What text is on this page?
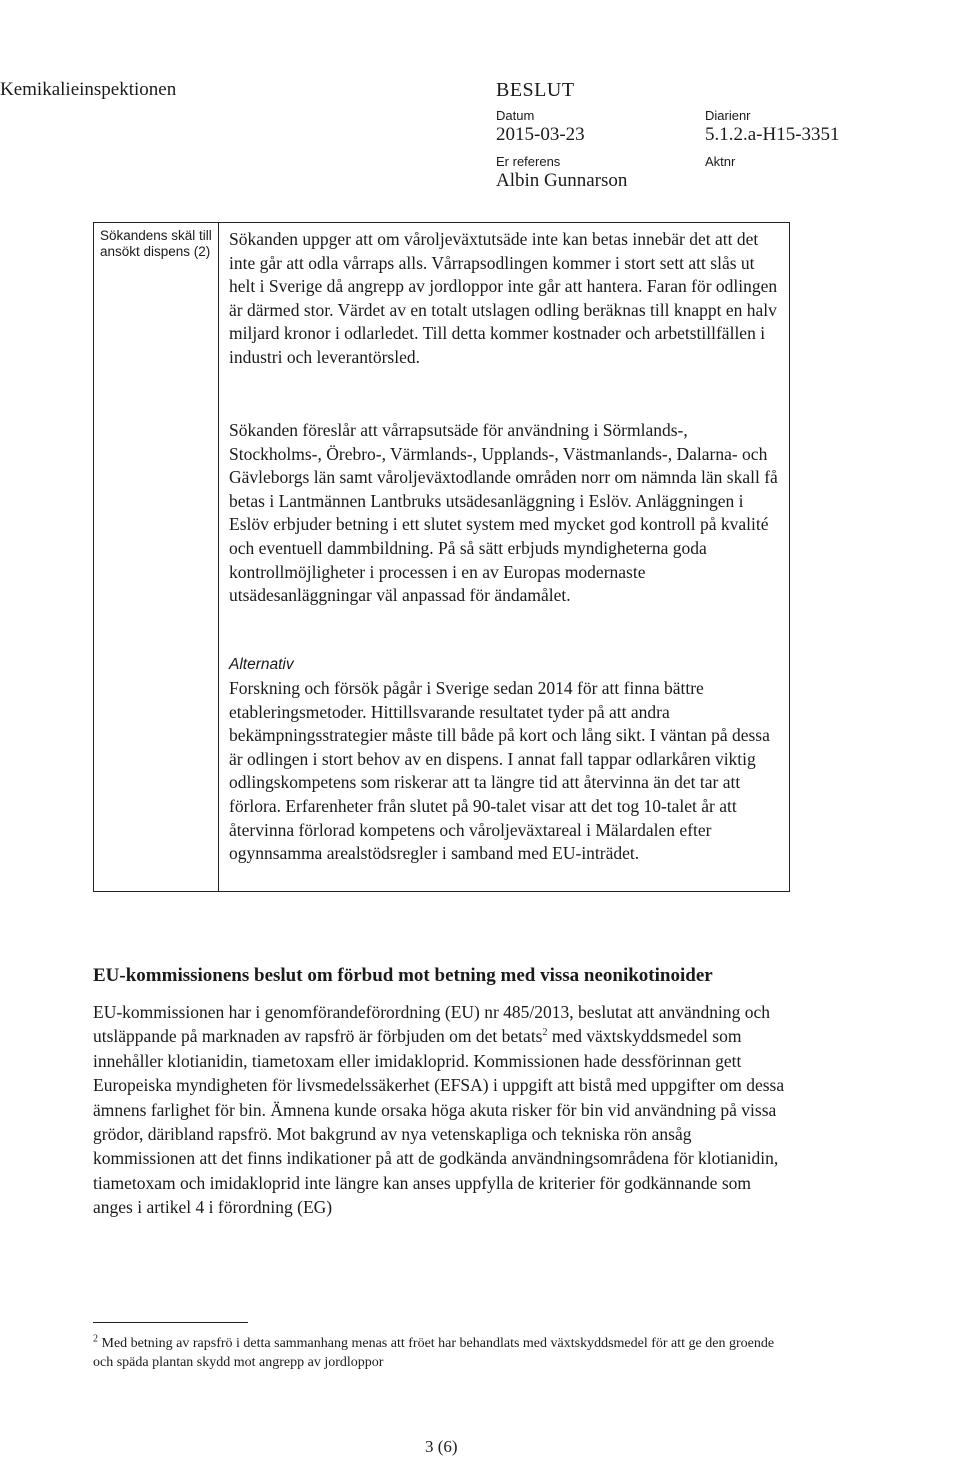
Kemikalieinspektionen	BESLUT
Datum
2015-03-23
Er referens
Albin Gunnarson
Diarienr
5.1.2.a-H15-3351
Aktnr
Sökandens skäl till ansökt dispens (2)
Sökanden uppger att om våroljeväxtutsäde inte kan betas innebär det att det inte går att odla vårraps alls. Vårrapsodlingen kommer i stort sett att slås ut helt i Sverige då angrepp av jordloppor inte går att hantera. Faran för odlingen är därmed stor. Värdet av en totalt utslagen odling beräknas till knappt en halv miljard kronor i odlarledet. Till detta kommer kostnader och arbetstillfällen i industri och leverantörsled.
Sökanden föreslår att vårrapsutsäde för användning i Sörmlands-, Stockholms-, Örebro-, Värmlands-, Upplands-, Västmanlands-, Dalarna- och Gävleborgs län samt våroljeväxtodlande områden norr om nämnda län skall få betas i Lantmännen Lantbruks utsädesanläggning i Eslöv. Anläggningen i Eslöv erbjuder betning i ett slutet system med mycket god kontroll på kvalité och eventuell dammbildning. På så sätt erbjuds myndigheterna goda kontrollmöjligheter i processen i en av Europas modernaste utsädesanläggningar väl anpassad för ändamålet.
Alternativ
Forskning och försök pågår i Sverige sedan 2014 för att finna bättre etableringsmetoder. Hittillsvarande resultatet tyder på att andra bekämpningsstrategier måste till både på kort och lång sikt. I väntan på dessa är odlingen i stort behov av en dispens. I annat fall tappar odlarkåren viktig odlingskompetens som riskerar att ta längre tid att återvinna än det tar att förlora. Erfarenheter från slutet på 90-talet visar att det tog 10-talet år att återvinna förlorad kompetens och våroljeväxtareal i Mälardalen efter ogynnsamma arealstödsregler i samband med EU-inträdet.
EU-kommissionens beslut om förbud mot betning med vissa neonikotinoider
EU-kommissionen har i genomförandeförordning (EU) nr 485/2013, beslutat att användning och utsläppande på marknaden av rapsfrö är förbjuden om det betats$^2$ med växtskyddsmedel som innehåller klotianidin, tiametoxam eller imidakloprid. Kommissionen hade dessförinnan gett Europeiska myndigheten för livsmedelssäkerhet (EFSA) i uppgift att bistå med uppgifter om dessa ämnens farlighet för bin. Ämnena kunde orsaka höga akuta risker för bin vid användning på vissa grödor, däribland rapsfrö. Mot bakgrund av nya vetenskapliga och tekniska rön ansåg kommissionen att det finns indikationer på att de godkända användningsområdena för klotianidin, tiametoxam och imidakloprid inte längre kan anses uppfylla de kriterier för godkännande som anges i artikel 4 i förordning (EG)
$^2$ Med betning av rapsfrö i detta sammanhang menas att fröet har behandlats med växtskyddsmedel för att ge den groende och späda plantan skydd mot angrepp av jordloppor
3 (6)
